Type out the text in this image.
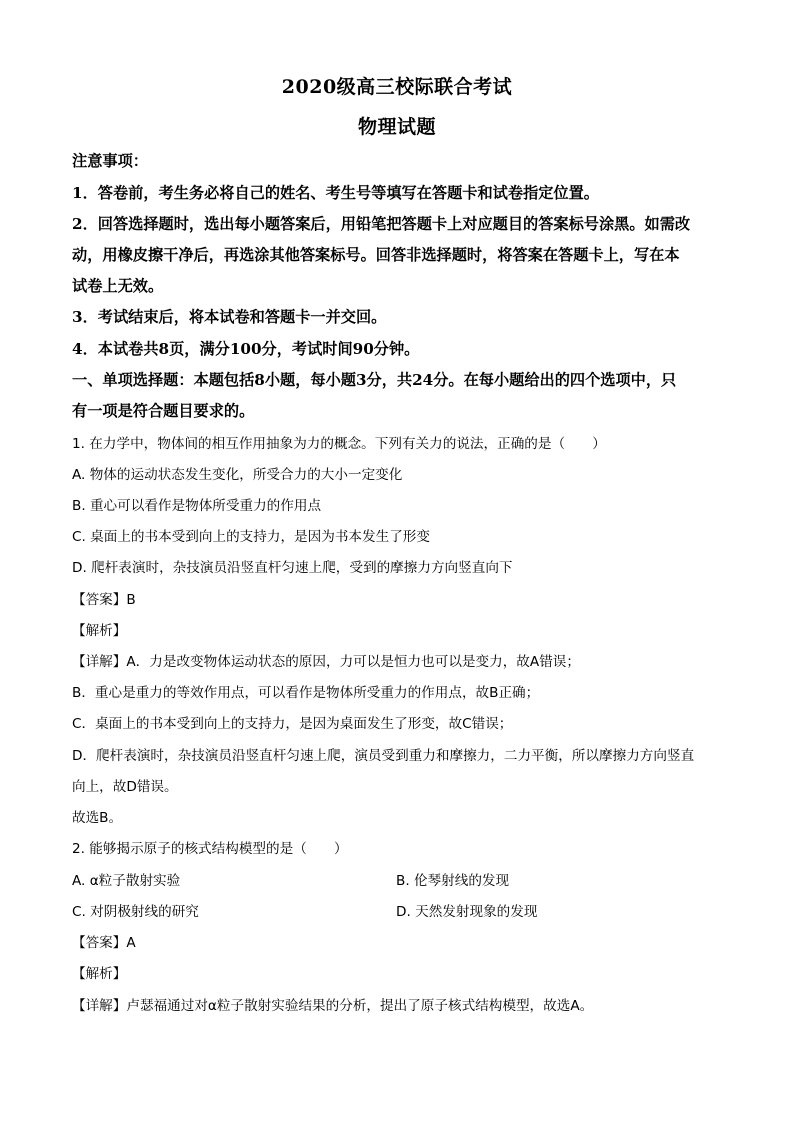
2020级高三校际联合考试
物理试题
注意事项：
1．答卷前，考生务必将自己的姓名、考生号等填写在答题卡和试卷指定位置。
2．回答选择题时，选出每小题答案后，用铅笔把答题卡上对应题目的答案标号涂黑。如需改
动，用橡皮擦干净后，再选涂其他答案标号。回答非选择题时，将答案在答题卡上，写在本
试卷上无效。
3．考试结束后，将本试卷和答题卡一并交回。
4．本试卷共8页，满分100分，考试时间90分钟。
一、单项选择题：本题包括8小题，每小题3分，共24分。在每小题给出的四个选项中，只
有一项是符合题目要求的。
1. 在力学中，物体间的相互作用抽象为力的概念。下列有关力的说法，正确的是（　　）
A. 物体的运动状态发生变化，所受合力的大小一定变化
B. 重心可以看作是物体所受重力的作用点
C. 桌面上的书本受到向上的支持力，是因为书本发生了形变
D. 爬杆表演时，杂技演员沿竖直杆匀速上爬，受到的摩擦力方向竖直向下
【答案】B
【解析】
【详解】A．力是改变物体运动状态的原因，力可以是恒力也可以是变力，故A错误；
B．重心是重力的等效作用点，可以看作是物体所受重力的作用点，故B正确；
C．桌面上的书本受到向上的支持力，是因为桌面发生了形变，故C错误；
D．爬杆表演时，杂技演员沿竖直杆匀速上爬，演员受到重力和摩擦力，二力平衡，所以摩擦力方向竖直
向上，故D错误。
故选B。
2. 能够揭示原子的核式结构模型的是（　　）
A. α粒子散射实验	B. 伦琴射线的发现
C. 对阴极射线的研究	D. 天然发射现象的发现
【答案】A
【解析】
【详解】卢瑟福通过对α粒子散射实验结果的分析，提出了原子核式结构模型，故选A。
